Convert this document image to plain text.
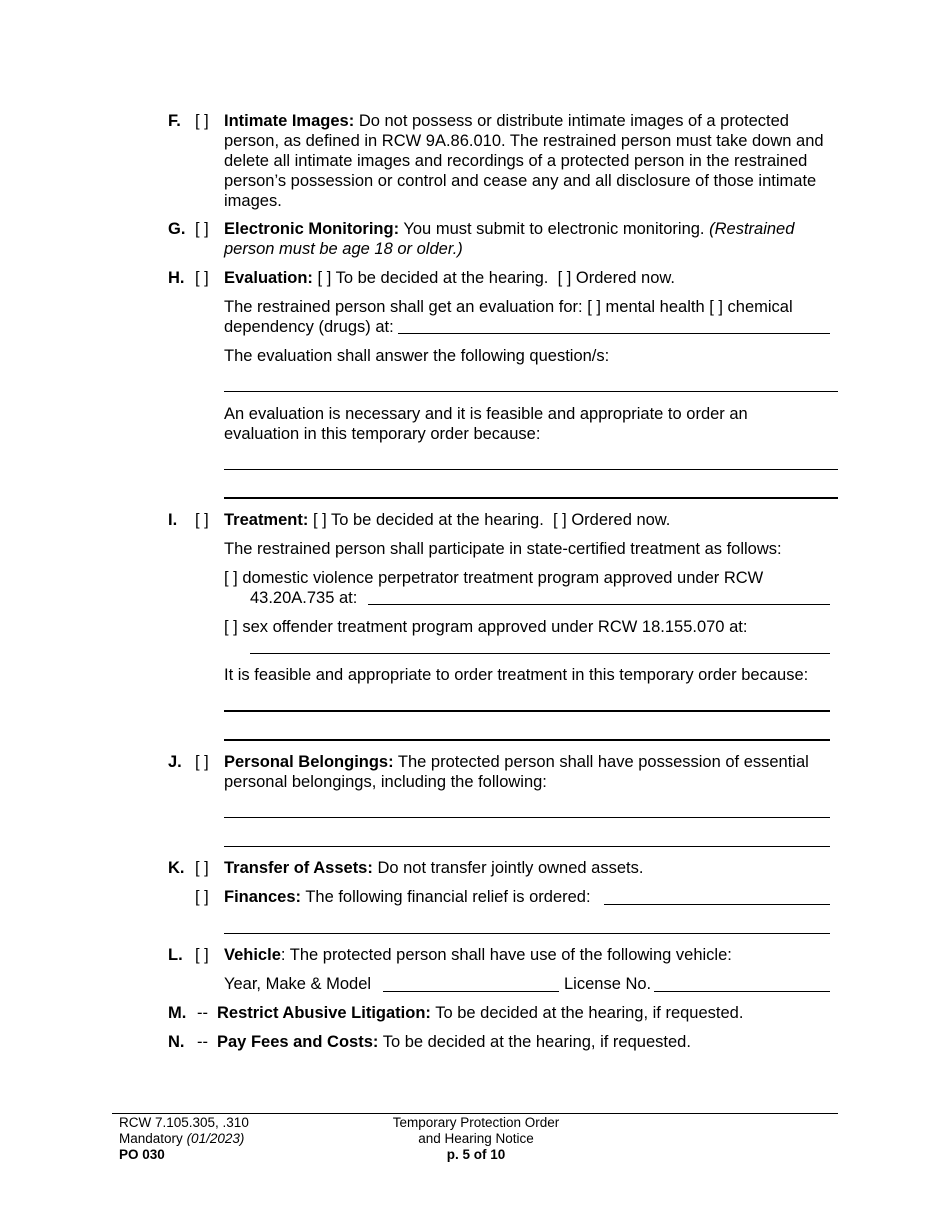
F. [ ] Intimate Images: Do not possess or distribute intimate images of a protected
person, as defined in RCW 9A.86.010. The restrained person must take down and
delete all intimate images and recordings of a protected person in the restrained
person’s possession or control and cease any and all disclosure of those intimate
images.
G. [ ] Electronic Monitoring: You must submit to electronic monitoring. (Restrained
person must be age 18 or older.)
H. [ ] Evaluation: [ ] To be decided at the hearing. [ ] Ordered now.
The restrained person shall get an evaluation for: [ ] mental health [ ] chemical
dependency (drugs) at:
The evaluation shall answer the following question/s:
An evaluation is necessary and it is feasible and appropriate to order an
evaluation in this temporary order because:
I. [ ] Treatment: [ ] To be decided at the hearing. [ ] Ordered now.
The restrained person shall participate in state-certified treatment as follows:
[ ] domestic violence perpetrator treatment program approved under RCW
43.20A.735 at:
[ ] sex offender treatment program approved under RCW 18.155.070 at:
It is feasible and appropriate to order treatment in this temporary order because:
J. [ ] Personal Belongings: The protected person shall have possession of essential
personal belongings, including the following:
K. [ ] Transfer of Assets: Do not transfer jointly owned assets.
[ ] Finances: The following financial relief is ordered:
L. [ ] Vehicle: The protected person shall have use of the following vehicle:
Year, Make & Model	License No.
M. -- Restrict Abusive Litigation: To be decided at the hearing, if requested.
N. -- Pay Fees and Costs: To be decided at the hearing, if requested.
RCW 7.105.305, .310
Mandatory (01/2023)
PO 030
Temporary Protection Order
and Hearing Notice
p. 5 of 10
